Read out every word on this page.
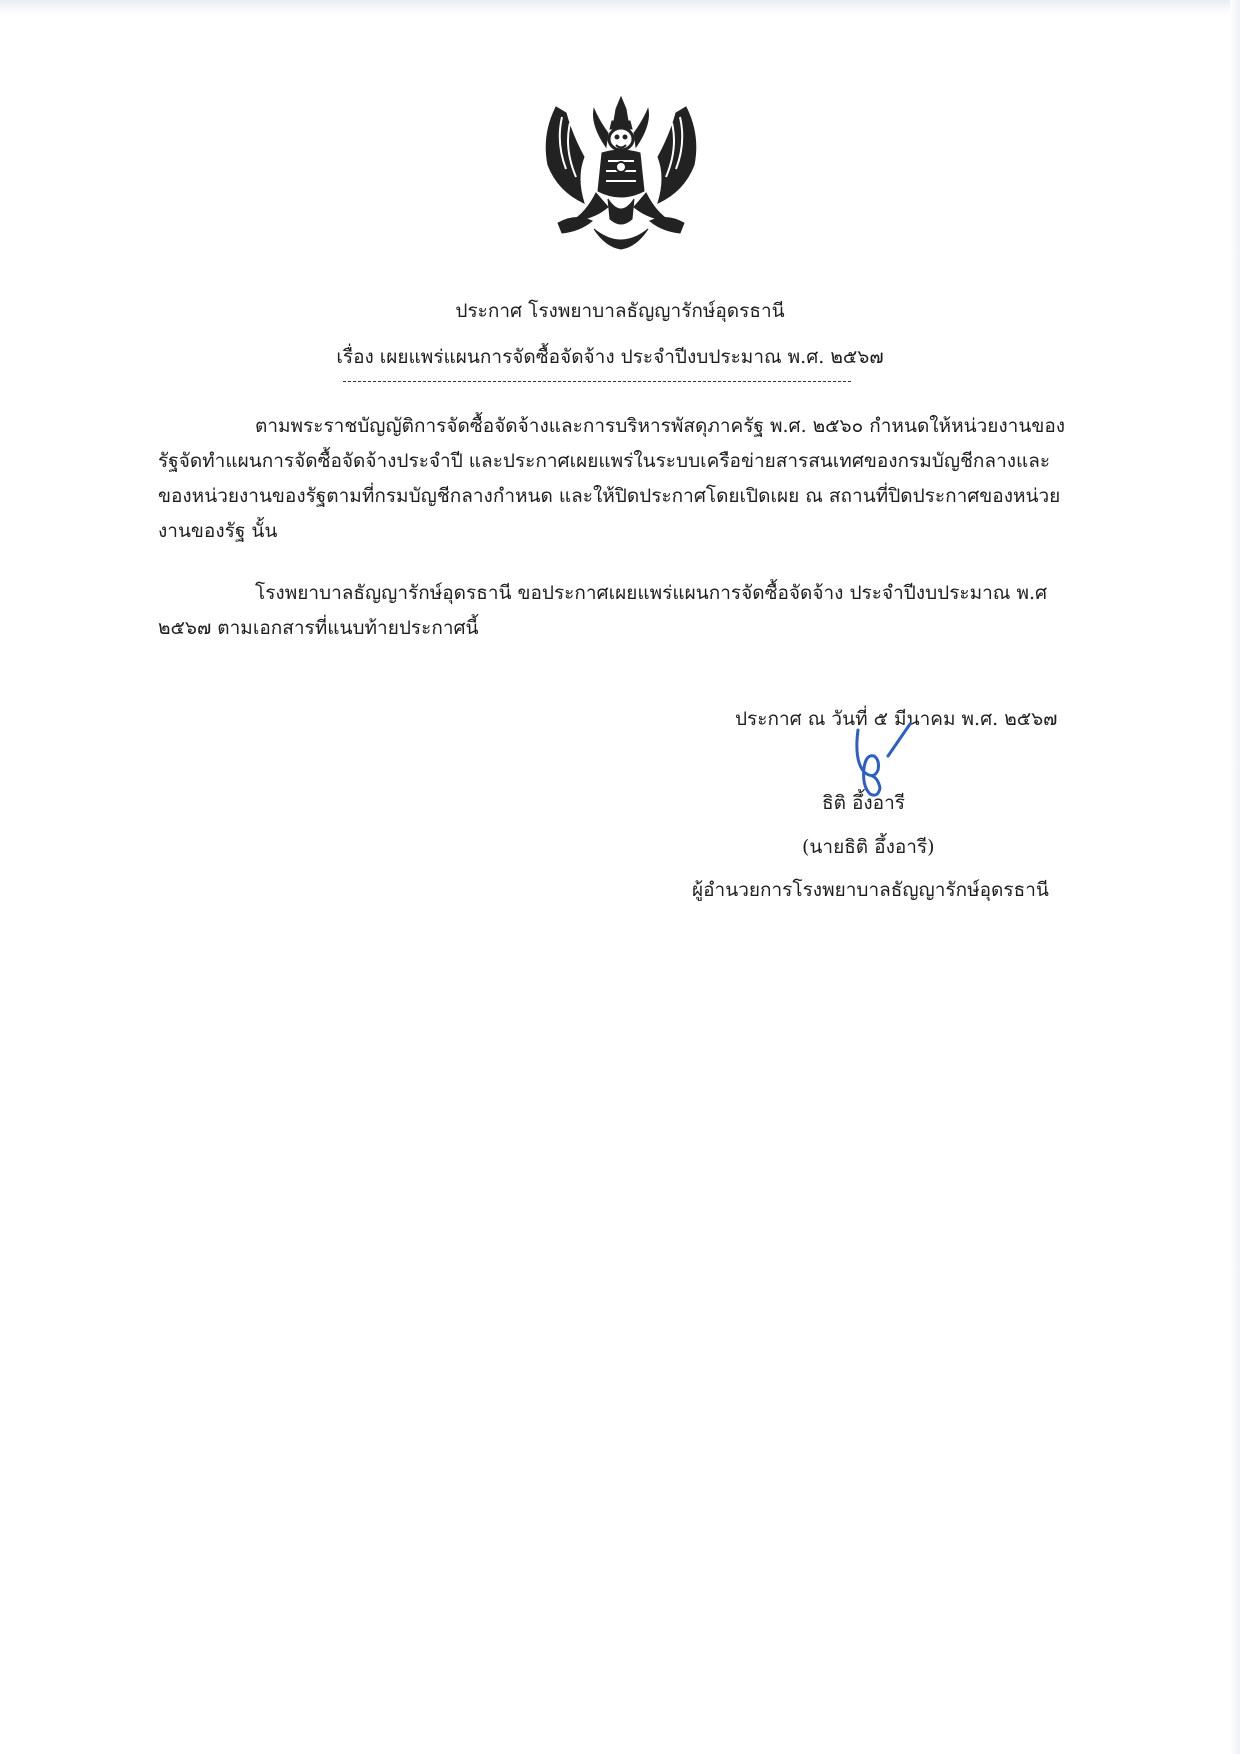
ประกาศ โรงพยาบาลธัญญารักษ์อุดรธานี
เรื่อง เผยแพร่แผนการจัดซื้อจัดจ้าง ประจำปีงบประมาณ พ.ศ. ๒๕๖๗

ตามพระราชบัญญัติการจัดซื้อจัดจ้างและการบริหารพัสดุภาครัฐ พ.ศ. ๒๕๖๐ กำหนดให้หน่วยงานของรัฐจัดทำแผนการจัดซื้อจัดจ้างประจำปี และประกาศเผยแพร่ในระบบเครือข่ายสารสนเทศของกรมบัญชีกลางและของหน่วยงานของรัฐตามที่กรมบัญชีกลางกำหนด และให้ปิดประกาศโดยเปิดเผย ณ สถานที่ปิดประกาศของหน่วยงานของรัฐ นั้น

โรงพยาบาลธัญญารักษ์อุดรธานี ขอประกาศเผยแพร่แผนการจัดซื้อจัดจ้าง ประจำปีงบประมาณ พ.ศ ๒๕๖๗ ตามเอกสารที่แนบท้ายประกาศนี้

ประกาศ ณ วันที่ ๕ มีนาคม พ.ศ. ๒๕๖๗
ธิติ อึ้งอารี
(นายธิติ อึ้งอารี)
ผู้อำนวยการโรงพยาบาลธัญญารักษ์อุดรธานี
